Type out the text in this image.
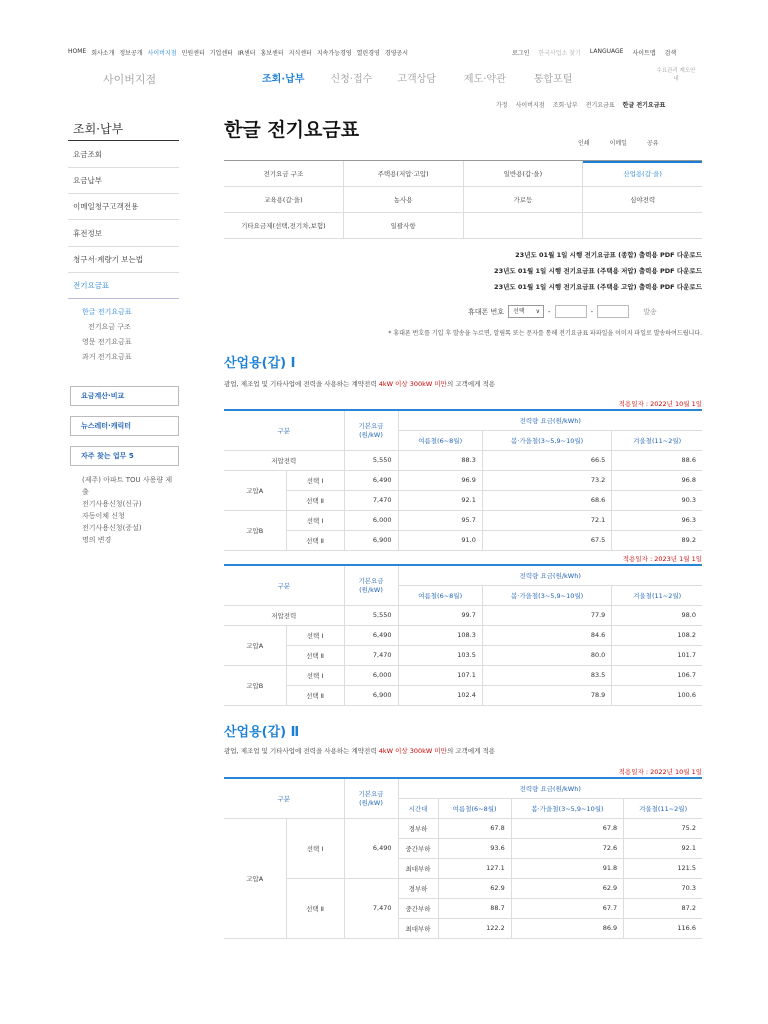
HOME 회사소개 정보공개 사이버지점 민원센터 기업센터 IR센터 홍보센터 지식센터 지속가능경영 열린경영 경영공시	로그인 한국사업소 찾기 LANGUAGE 사이트맵 검색
사이버지점	조회·납부	신청·접수	고객상담	제도·약관	통합포털
수요관리 제도안내
가정 사이버지점 조회·납부 전기요금표 한글 전기요금표
조회·납부
요금조회
요금납부
이메일청구고객전용
휴전정보
청구서·계량기 보는법
전기요금표
한글 전기요금표
전기요금 구조
영문 전기요금표
과거 전기요금표
요금계산·비교
뉴스레터·캐릭터
자주 찾는 업무 5
(제주) 아파트 TOU 사용량 제출
전기사용신청(신규)
자동이체 신청
전기사용신청(증설)
명의 변경
한글 전기요금표
인쇄	이메일	공유
전기요금 구조	주택용(저압·고압)	일반용(갑·을)	산업용(갑·을)
교육용(갑·을)	농사용	가로등	심야전력
기타요금제(선택,전기차,보험)	일괄사항
23년도 01월 1일 시행 전기요금표 (종합) 출력용 PDF 다운로드
23년도 01월 1일 시행 전기요금표 (주택용 저압) 출력용 PDF 다운로드
23년도 01월 1일 시행 전기요금표 (주택용 고압) 출력용 PDF 다운로드
휴대폰 번호	선택 ∨ -	-	발송
* 휴대폰 번호를 기입 후 발송을 누르면, 알림톡 또는 문자를 통해 전기요금표 파파일을 이미지 파일로 발송하여드립니다.
산업용(갑) Ⅰ
광업, 제조업 및 기타사업에 전력을 사용하는 계약전력 4kW 이상 300kW 미만의 고객에게 적용
적용일자 : 2022년 10월 1일
구분		기본요금 (원/kW)	전력량 요금(원/kWh)		
			여름철(6~8월)	봄·가을철(3~5,9~10월)	겨울철(11~2월)
저압전력		5,550	88.3	66.5	88.6
고압A	선택 Ⅰ	6,490	96.9	73.2	96.8
	선택 Ⅱ	7,470	92.1	68.6	90.3
고압B	선택 Ⅰ	6,000	95.7	72.1	96.3
	선택 Ⅱ	6,900	91.0	67.5	89.2
적용일자 : 2023년 1월 1일
구분		기본요금 (원/kW)	전력량 요금(원/kWh)		
			여름철(6~8월)	봄·가을철(3~5,9~10월)	겨울철(11~2월)
저압전력		5,550	99.7	77.9	98.0
고압A	선택 Ⅰ	6,490	108.3	84.6	108.2
	선택 Ⅱ	7,470	103.5	80.0	101.7
고압B	선택 Ⅰ	6,000	107.1	83.5	106.7
	선택 Ⅱ	6,900	102.4	78.9	100.6
산업용(갑) Ⅱ
광업, 제조업 및 기타사업에 전력을 사용하는 계약전력 4kW 이상 300kW 미만의 고객에게 적용
적용일자 : 2022년 10월 1일
구분		기본요금 (원/kW)	전력량 요금(원/kWh)			
			시간대	여름철(6~8월)	봄·가을철(3~5,9~10월)	겨울철(11~2월)
고압A	선택 Ⅰ	6,490	경부하	67.8	67.8	75.2
			중간부하	93.6	72.6	92.1
			최대부하	127.1	91.8	121.5
	선택 Ⅱ	7,470	경부하	62.9	62.9	70.3
			중간부하	88.7	67.7	87.2
			최대부하	122.2	86.9	116.6
